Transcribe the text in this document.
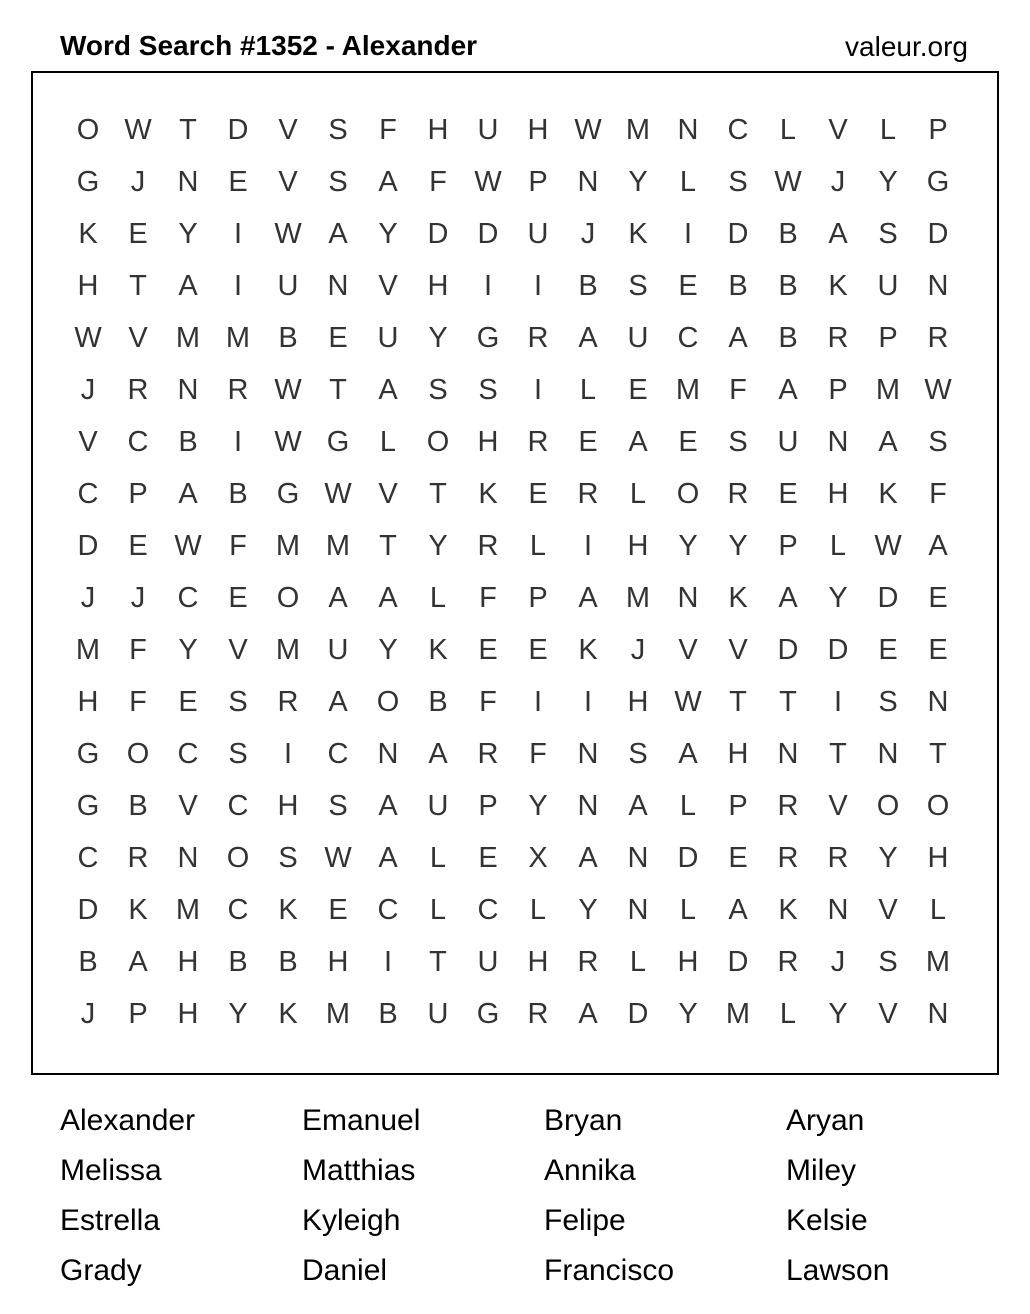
Word Search #1352 - Alexander	valeur.org
O W T	D	V	S	F	H	U	H W M N	C	L	V	L	P
G	J	N	E	V	S	A	F W P	N	Y	L	S W	J	Y	G
K	E	Y	I	W A	Y	D	D	U	J	K	I	D	B	A	S	D
H	T	A	I	U	N	V	H	I	I	B	S	E	B	B	K	U	N
W V M M B	E	U	Y	G R	A	U	C	A	B	R	P	R
J	R	N	R W T	A	S	S	I	L	E M	F	A	P M W
V	C	B	I	W G	L	O H	R	E	A	E	S	U	N	A	S
C	P	A	B	G W V	T	K	E	R	L	O R	E	H	K	F
D	E W F	M M	T	Y	R	L	I	H	Y	Y	P	L W A
J	J	C	E	O	A	A	L	F	P	A M N	K	A	Y	D	E
M	F	Y	V M U	Y	K	E	E	K	J	V	V	D	D	E	E
H	F	E	S	R	A	O	B	F	I	I	H W T	T	I	S	N
G O C	S	I	C	N	A	R	F	N	S	A	H	N	T	N	T
G	B	V	C	H	S	A	U	P	Y	N	A	L	P	R	V	O O
C	R	N O	S W A	L	E	X	A	N	D	E	R	R	Y	H
D	K M C	K	E	C	L	C	L	Y	N	L	A	K	N	V	L
B	A	H	B	B	H	I	T	U	H	R	L	H	D	R	J	S M
J	P	H	Y	K M B	U G R	A	D	Y M	L	Y	V	N
Alexander	Emanuel	Bryan	Aryan
Melissa	Matthias	Annika	Miley
Estrella	Kyleigh	Felipe	Kelsie
Grady	Daniel	Francisco	Lawson
